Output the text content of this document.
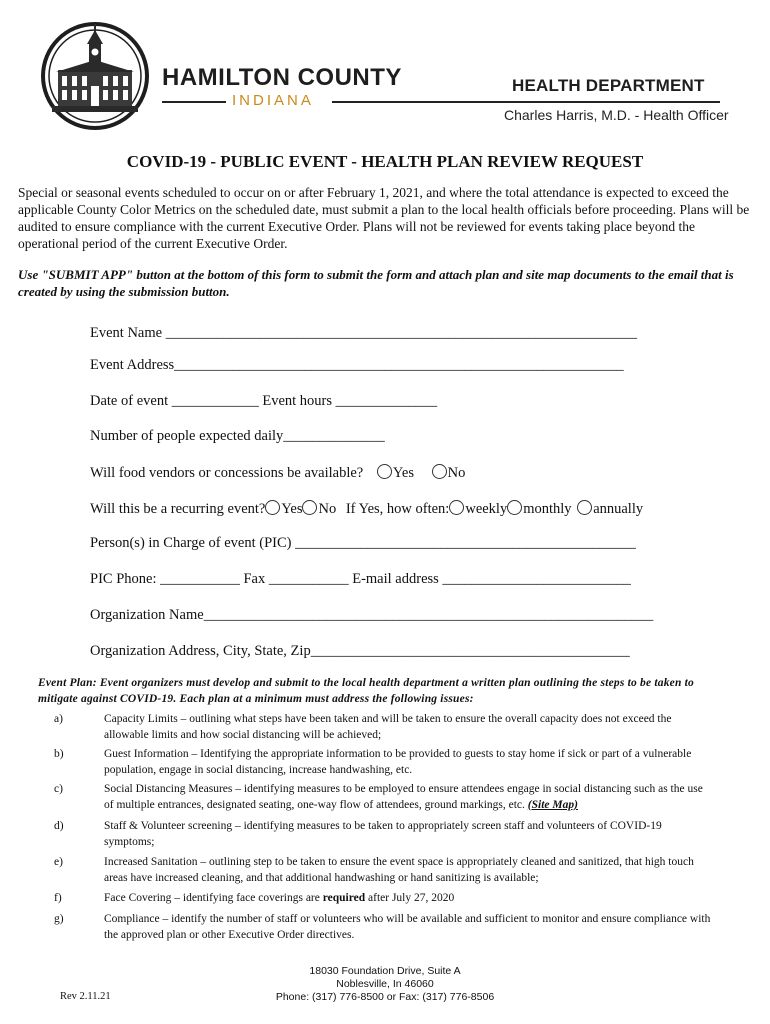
HAMILTON COUNTY
INDIANA
HEALTH DEPARTMENT
Charles Harris, M.D. - Health Officer
COVID-19 - PUBLIC EVENT - HEALTH PLAN REVIEW REQUEST
Special or seasonal events scheduled to occur on or after February 1, 2021, and where the total attendance is expected to exceed the applicable County Color Metrics on the scheduled date, must submit a plan to the local health officials before proceeding. Plans will be audited to ensure compliance with the current Executive Order. Plans will not be reviewed for events taking place beyond the operational period of the current Executive Order.
Use "SUBMIT APP" button at the bottom of this form to submit the form and attach plan and site map documents to the email that is created by using the submission button.
Event Name _________________________________________________________________
Event Address______________________________________________________________
Date of event ____________ Event hours ______________
Number of people expected daily______________
Will food vendors or concessions be available? Yes No
Will this be a recurring event? Yes No If Yes, how often: weekly monthly annually
Person(s) in Charge of event (PIC) _______________________________________________
PIC Phone: ___________ Fax ___________ E-mail address __________________________
Organization Name______________________________________________________________
Organization Address, City, State, Zip____________________________________________
Event Plan: Event organizers must develop and submit to the local health department a written plan outlining the steps to be taken to mitigate against COVID-19. Each plan at a minimum must address the following issues:
a)	Capacity Limits – outlining what steps have been taken and will be taken to ensure the overall capacity does not exceed the allowable limits and how social distancing will be achieved;
b)	Guest Information – Identifying the appropriate information to be provided to guests to stay home if sick or part of a vulnerable population, engage in social distancing, increase handwashing, etc.
c)	Social Distancing Measures – identifying measures to be employed to ensure attendees engage in social distancing such as the use of multiple entrances, designated seating, one-way flow of attendees, ground markings, etc. (Site Map)
d)	Staff & Volunteer screening – identifying measures to be taken to appropriately screen staff and volunteers of COVID-19 symptoms;
e)	Increased Sanitation – outlining step to be taken to ensure the event space is appropriately cleaned and sanitized, that high touch areas have increased cleaning, and that additional handwashing or hand sanitizing is available;
f)	Face Covering – identifying face coverings are required after July 27, 2020
g)	Compliance – identify the number of staff or volunteers who will be available and sufficient to monitor and ensure compliance with the approved plan or other Executive Order directives.
18030 Foundation Drive, Suite A
Noblesville, In 46060
Phone: (317) 776-8500 or Fax: (317) 776-8506
Rev 2.11.21
